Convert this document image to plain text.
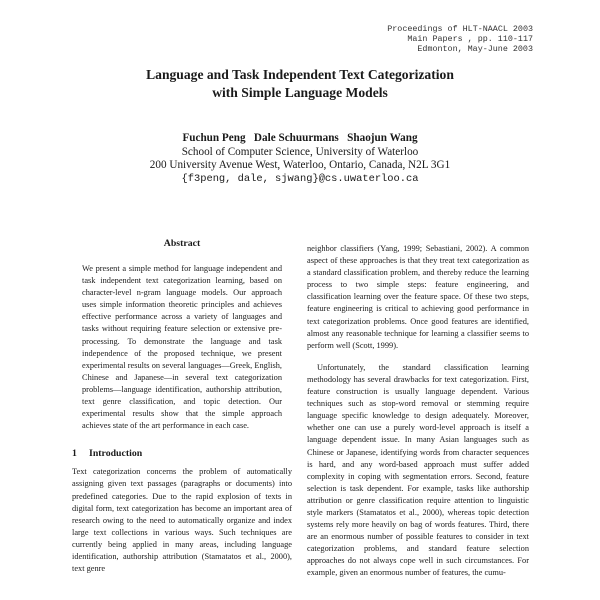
Proceedings of HLT-NAACL 2003
Main Papers , pp. 110-117
Edmonton, May-June 2003
Language and Task Independent Text Categorization
with Simple Language Models
Fuchun Peng   Dale Schuurmans   Shaojun Wang
School of Computer Science, University of Waterloo
200 University Avenue West, Waterloo, Ontario, Canada, N2L 3G1
{f3peng, dale, sjwang}@cs.uwaterloo.ca
Abstract

We present a simple method for language independent and task independent text categorization learning, based on character-level n-gram language models. Our approach uses simple information theoretic principles and achieves effective performance across a variety of languages and tasks without requiring feature selection or extensive pre-processing. To demonstrate the language and task independence of the proposed technique, we present experimental results on several languages—Greek, English, Chinese and Japanese—in several text categorization problems—language identification, authorship attribution, text genre classification, and topic detection. Our experimental results show that the simple approach achieves state of the art performance in each case.

1 Introduction

Text categorization concerns the problem of automatically assigning given text passages (paragraphs or documents) into predefined categories. Due to the rapid explosion of texts in digital form, text categorization has become an important area of research owing to the need to automatically organize and index large text collections in various ways. Such techniques are currently being applied in many areas, including language identification, authorship attribution (Stamatatos et al., 2000), text genre

neighbor classifiers (Yang, 1999; Sebastiani, 2002). A common aspect of these approaches is that they treat text categorization as a standard classification problem, and thereby reduce the learning process to two simple steps: feature engineering, and classification learning over the feature space. Of these two steps, feature engineering is critical to achieving good performance in text categorization problems. Once good features are identified, almost any reasonable technique for learning a classifier seems to perform well (Scott, 1999).

Unfortunately, the standard classification learning methodology has several drawbacks for text categorization. First, feature construction is usually language dependent. Various techniques such as stop-word removal or stemming require language specific knowledge to design adequately. Moreover, whether one can use a purely word-level approach is itself a language dependent issue. In many Asian languages such as Chinese or Japanese, identifying words from character sequences is hard, and any word-based approach must suffer added complexity in coping with segmentation errors. Second, feature selection is task dependent. For example, tasks like authorship attribution or genre classification require attention to linguistic style markers (Stamatatos et al., 2000), whereas topic detection systems rely more heavily on bag of words features. Third, there are an enormous number of possible features to consider in text categorization problems, and standard feature selection approaches do not always cope well in such circumstances. For example, given an enormous number of features, the cumu-
